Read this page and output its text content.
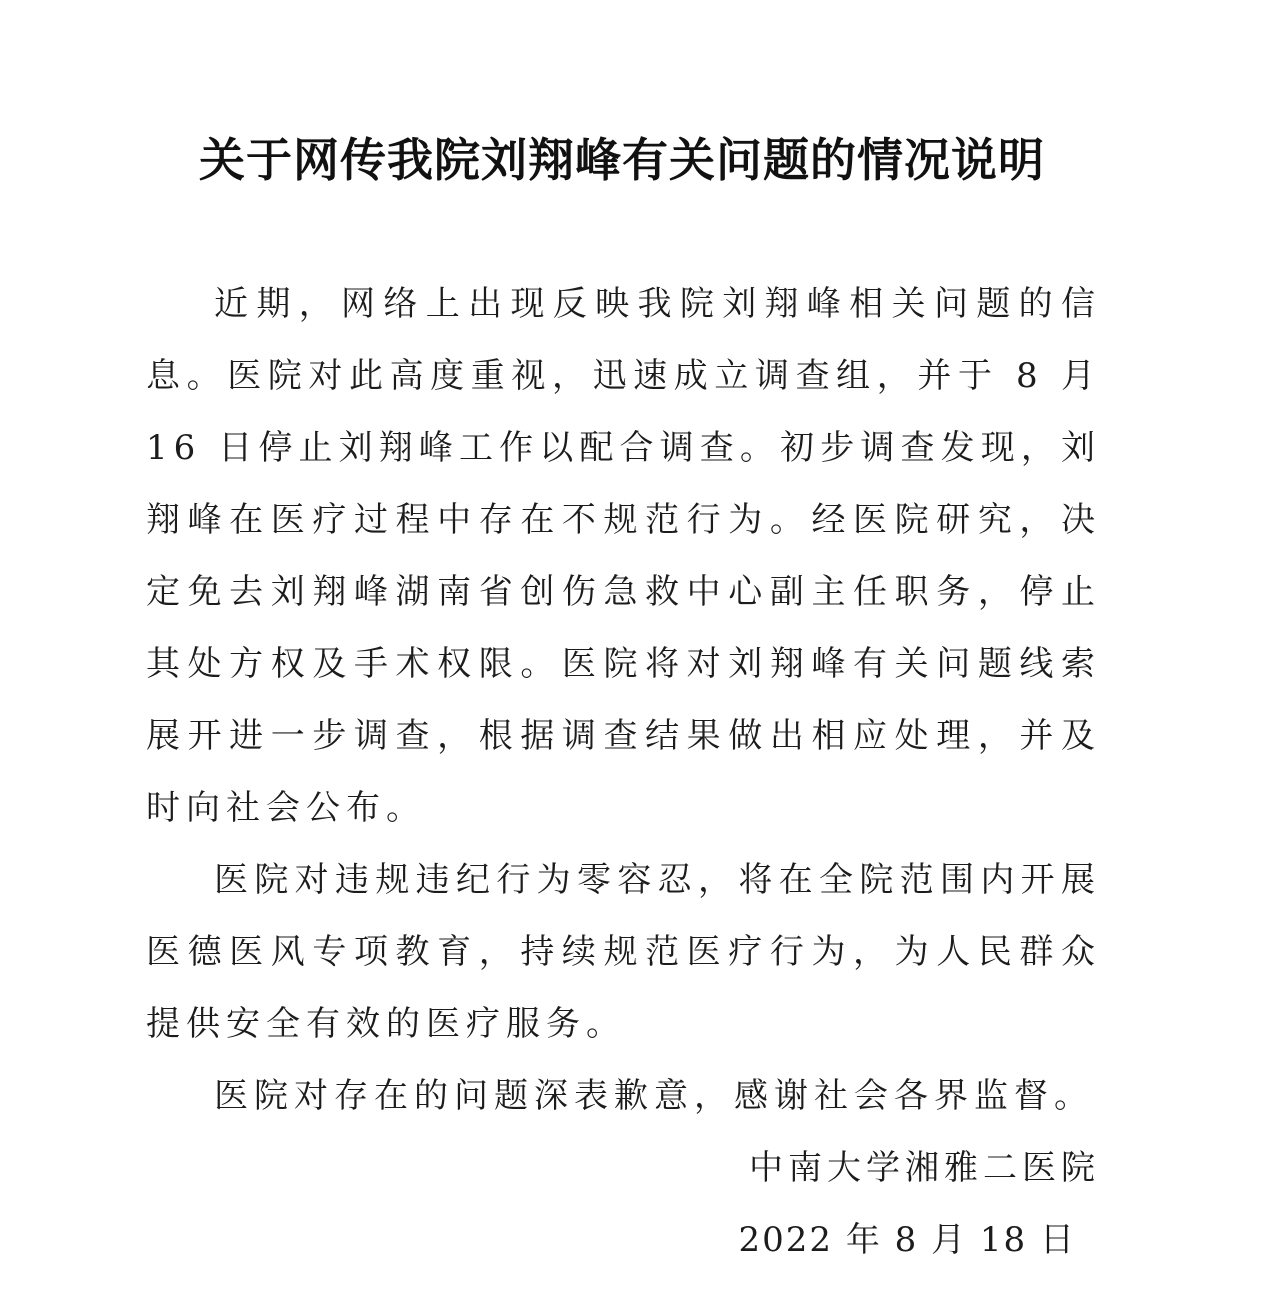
关于网传我院刘翔峰有关问题的情况说明

近期，网络上出现反映我院刘翔峰相关问题的信息。医院对此高度重视，迅速成立调查组，并于 8 月 16 日停止刘翔峰工作以配合调查。初步调查发现，刘翔峰在医疗过程中存在不规范行为。经医院研究，决定免去刘翔峰湖南省创伤急救中心副主任职务，停止其处方权及手术权限。医院将对刘翔峰有关问题线索展开进一步调查，根据调查结果做出相应处理，并及时向社会公布。

医院对违规违纪行为零容忍，将在全院范围内开展医德医风专项教育，持续规范医疗行为，为人民群众提供安全有效的医疗服务。

医院对存在的问题深表歉意，感谢社会各界监督。

中南大学湘雅二医院
2022 年 8 月 18 日
